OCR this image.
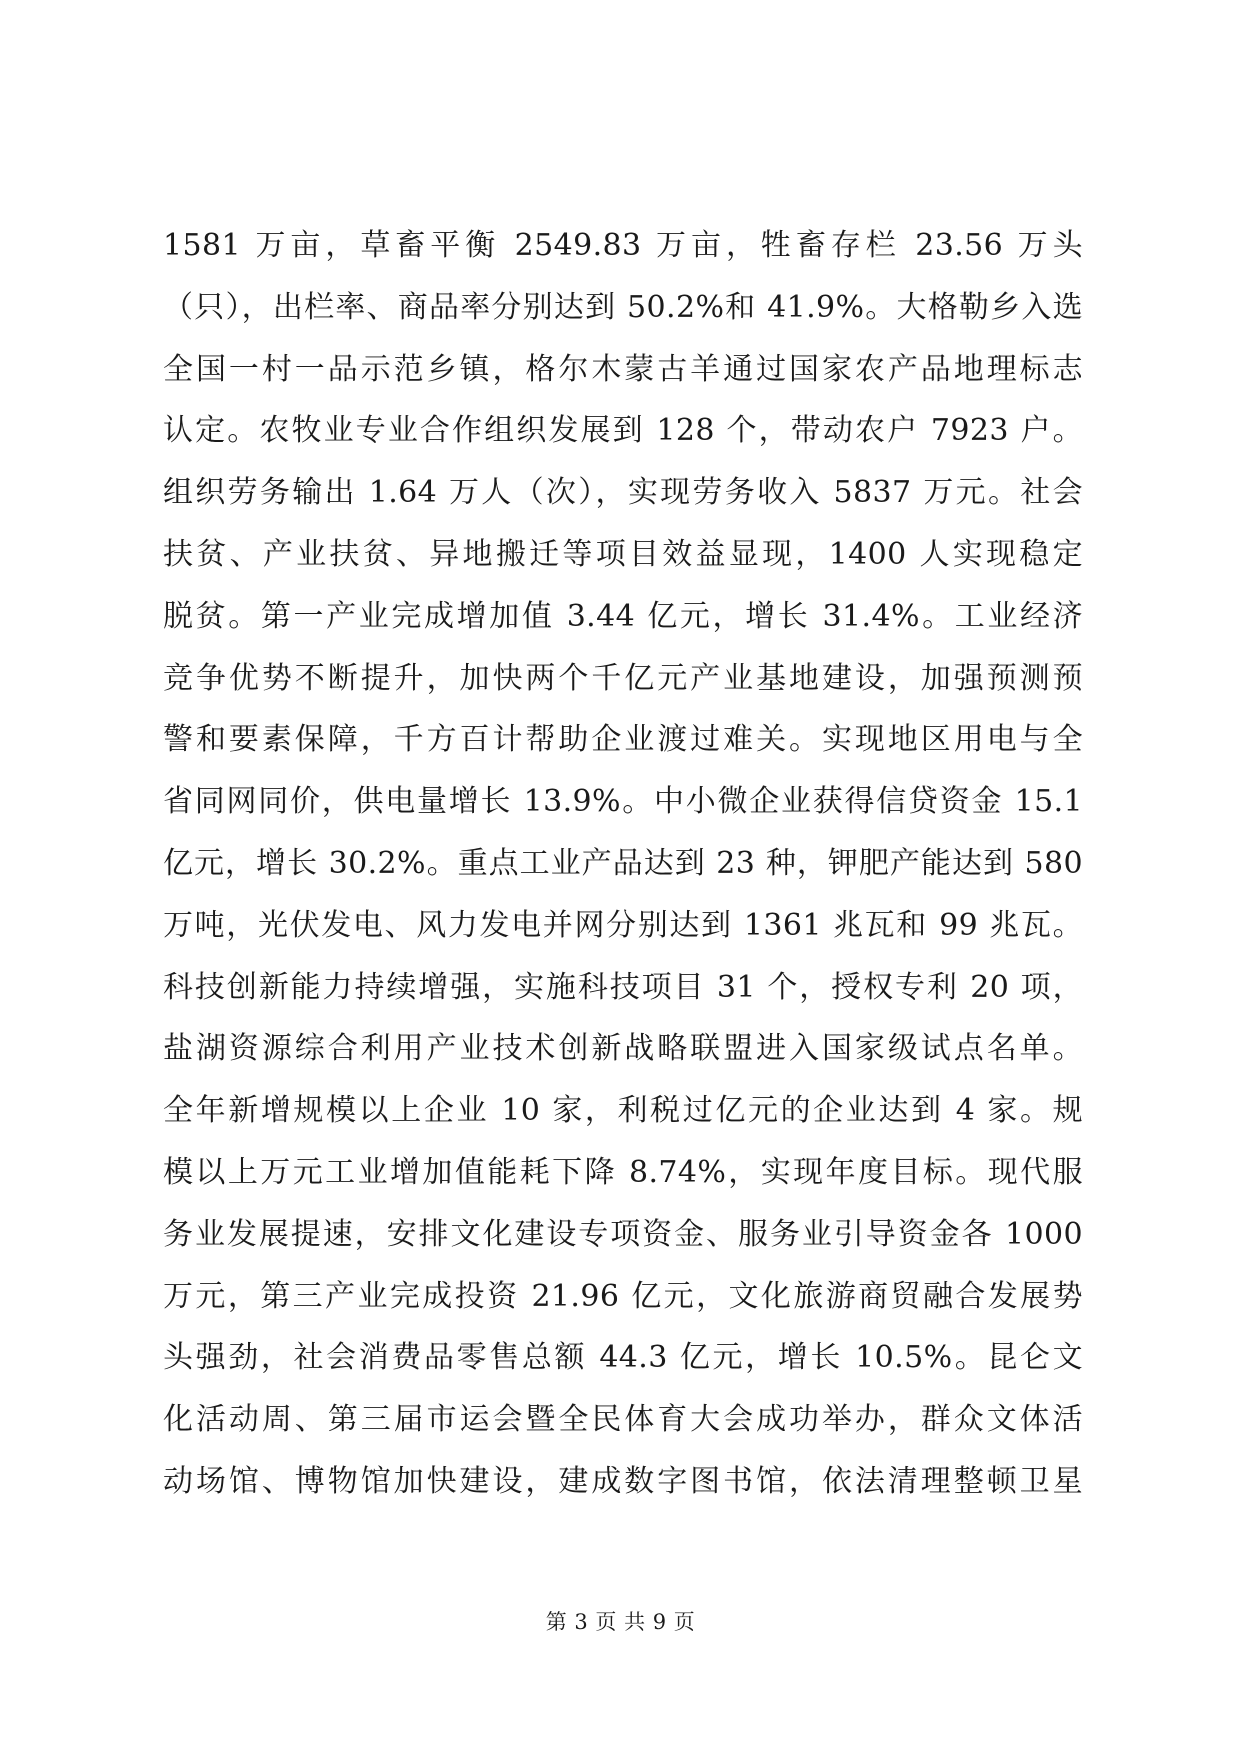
1581 万亩，草畜平衡 2549.83 万亩，牲畜存栏 23.56 万头
（只），出栏率、商品率分别达到 50.2%和 41.9%。大格勒乡入选
全国一村一品示范乡镇，格尔木蒙古羊通过国家农产品地理标志
认定。农牧业专业合作组织发展到 128 个，带动农户 7923 户。
组织劳务输出 1.64 万人（次），实现劳务收入 5837 万元。社会
扶贫、产业扶贫、异地搬迁等项目效益显现，1400 人实现稳定
脱贫。第一产业完成增加值 3.44 亿元，增长 31.4%。工业经济
竞争优势不断提升，加快两个千亿元产业基地建设，加强预测预
警和要素保障，千方百计帮助企业渡过难关。实现地区用电与全
省同网同价，供电量增长 13.9%。中小微企业获得信贷资金 15.1
亿元，增长 30.2%。重点工业产品达到 23 种，钾肥产能达到 580
万吨，光伏发电、风力发电并网分别达到 1361 兆瓦和 99 兆瓦。
科技创新能力持续增强，实施科技项目 31 个，授权专利 20 项，
盐湖资源综合利用产业技术创新战略联盟进入国家级试点名单。
全年新增规模以上企业 10 家，利税过亿元的企业达到 4 家。规
模以上万元工业增加值能耗下降 8.74%，实现年度目标。现代服
务业发展提速，安排文化建设专项资金、服务业引导资金各 1000
万元，第三产业完成投资 21.96 亿元，文化旅游商贸融合发展势
头强劲，社会消费品零售总额 44.3 亿元，增长 10.5%。昆仑文
化活动周、第三届市运会暨全民体育大会成功举办，群众文体活
动场馆、博物馆加快建设，建成数字图书馆，依法清理整顿卫星
第 3 页 共 9 页
